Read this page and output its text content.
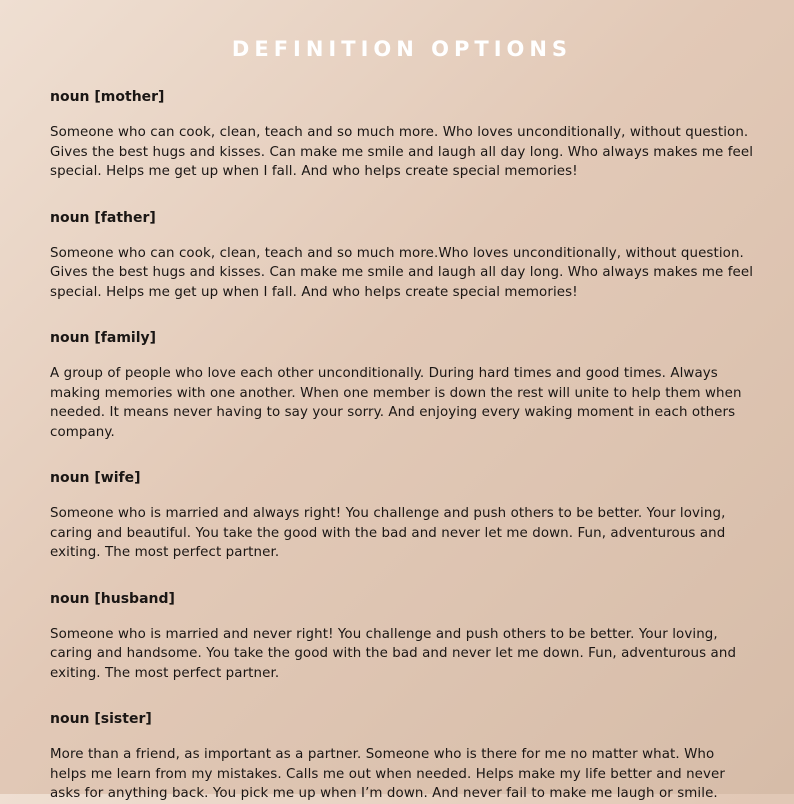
DEFINITION OPTIONS

noun [mother]

Someone who can cook, clean, teach and so much more. Who loves unconditionally, without question. Gives the best hugs and kisses. Can make me smile and laugh all day long. Who always makes me feel special. Helps me get up when I fall. And who helps create special memories!

noun [father]

Someone who can cook, clean, teach and so much more.Who loves unconditionally, without question. Gives the best hugs and kisses. Can make me smile and laugh all day long. Who always makes me feel special. Helps me get up when I fall. And who helps create special memories!

noun [family]

A group of people who love each other unconditionally. During hard times and good times. Always making memories with one another. When one member is down the rest will unite to help them when needed. It means never having to say your sorry. And enjoying every waking moment in each others company.

noun [wife]

Someone who is married and always right! You challenge and push others to be better. Your loving, caring and beautiful. You take the good with the bad and never let me down. Fun, adventurous and exiting. The most perfect partner.

noun [husband]

Someone who is married and never right! You challenge and push others to be better. Your loving, caring and handsome. You take the good with the bad and never let me down. Fun, adventurous and exiting. The most perfect partner.

noun [sister]

More than a friend, as important as a partner. Someone who is there for me no matter what. Who helps me learn from my mistakes. Calls me out when needed. Helps make my life better and never asks for anything back. You pick me up when I’m down. And never fail to make me laugh or smile.
